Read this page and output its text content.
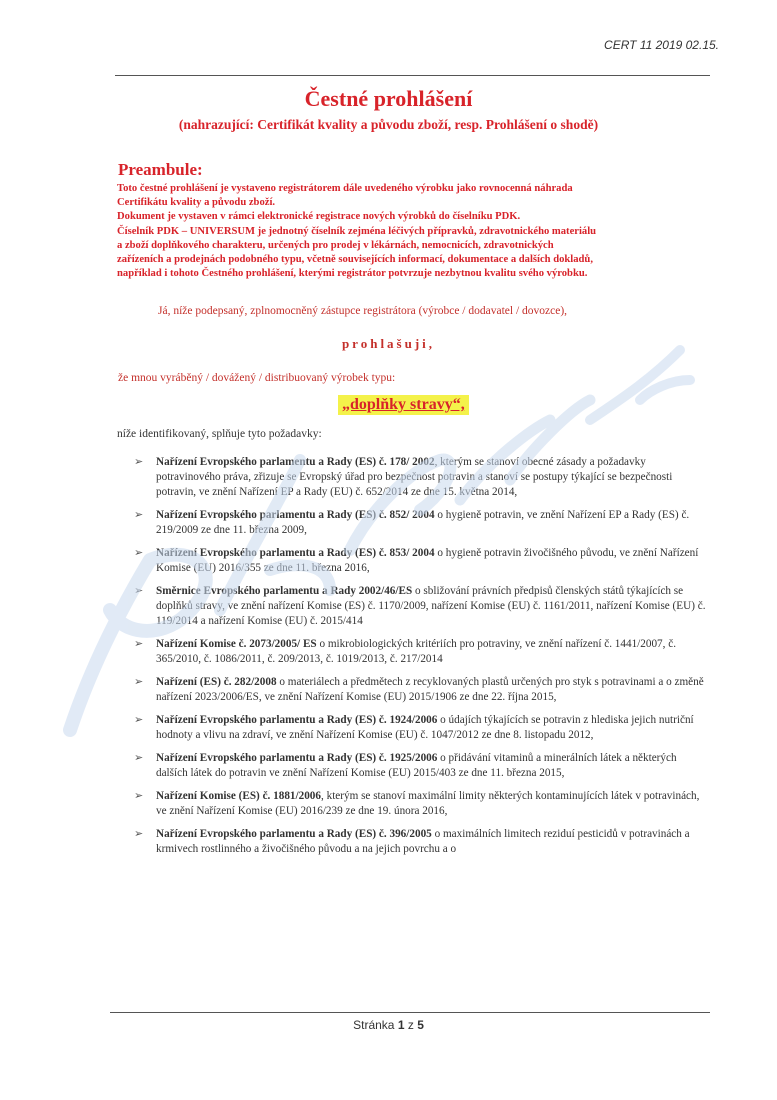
CERT 11 2019 02.15.
Čestné prohlášení
(nahrazující: Certifikát kvality a původu zboží, resp. Prohlášení o shodě)
Preambule:
Toto čestné prohlášení je vystaveno registrátorem dále uvedeného výrobku jako rovnocenná náhrada
Certifikátu kvality a původu zboží.
Dokument je vystaven v rámci elektronické registrace nových výrobků do číselníku PDK.
Číselník PDK – UNIVERSUM je jednotný číselník zejména léčivých přípravků, zdravotnického materiálu
a zboží doplňkového charakteru, určených pro prodej v lékárnách, nemocnicích, zdravotnických
zařízeních a prodejnách podobného typu, včetně souvisejících informací, dokumentace a dalších dokladů,
například i tohoto Čestného prohlášení, kterými registrátor potvrzuje nezbytnou kvalitu svého výrobku.
Já, níže podepsaný, zplnomocněný zástupce registrátora (výrobce / dodavatel / dovozce),
prohlašuji,
že mnou vyráběný / dovážený / distribuovaný výrobek typu:
„doplňky stravy“,
níže identifikovaný, splňuje tyto požadavky:
➢ Nařízení Evropského parlamentu a Rady (ES) č. 178/ 2002, kterým se stanoví obecné zásady a požadavky potravinového práva, zřizuje se Evropský úřad pro bezpečnost potravin a stanoví se postupy týkající se bezpečnosti potravin, ve znění Nařízení EP a Rady (EU) č. 652/2014 ze dne 15. května 2014,
➢ Nařízení Evropského parlamentu a Rady (ES) č. 852/ 2004 o hygieně potravin, ve znění Nařízení EP a Rady (ES) č. 219/2009 ze dne 11. března 2009,
➢ Nařízení Evropského parlamentu a Rady (ES) č. 853/ 2004 o hygieně potravin živočišného původu, ve znění Nařízení Komise (EU) 2016/355 ze dne 11. března 2016,
➢ Směrnice Evropského parlamentu a Rady 2002/46/ES o sbližování právních předpisů členských států týkajících se doplňků stravy, ve znění nařízení Komise (ES) č. 1170/2009, nařízení Komise (EU) č. 1161/2011, nařízení Komise (EU) č. 119/2014 a nařízení Komise (EU) č. 2015/414
➢ Nařízení Komise č. 2073/2005/ ES o mikrobiologických kritériích pro potraviny, ve znění nařízení č. 1441/2007, č. 365/2010, č. 1086/2011, č. 209/2013, č. 1019/2013, č. 217/2014
➢ Nařízení (ES) č. 282/2008 o materiálech a předmětech z recyklovaných plastů určených pro styk s potravinami a o změně nařízení 2023/2006/ES, ve znění Nařízení Komise (EU) 2015/1906 ze dne 22. října 2015,
➢ Nařízení Evropského parlamentu a Rady (ES) č. 1924/2006 o údajích týkajících se potravin z hlediska jejich nutriční hodnoty a vlivu na zdraví, ve znění Nařízení Komise (EU) č. 1047/2012 ze dne 8. listopadu 2012,
➢ Nařízení Evropského parlamentu a Rady (ES) č. 1925/2006 o přidávání vitaminů a minerálních látek a některých dalších látek do potravin ve znění Nařízení Komise (EU) 2015/403 ze dne 11. března 2015,
➢ Nařízení Komise (ES) č. 1881/2006, kterým se stanoví maximální limity některých kontaminujících látek v potravinách, ve znění Nařízení Komise (EU) 2016/239 ze dne 19. února 2016,
➢ Nařízení Evropského parlamentu a Rady (ES) č. 396/2005 o maximálních limitech reziduí pesticidů v potravinách a krmivech rostlinného a živočišného původu a na jejich povrchu a o
Stránka 1 z 5
